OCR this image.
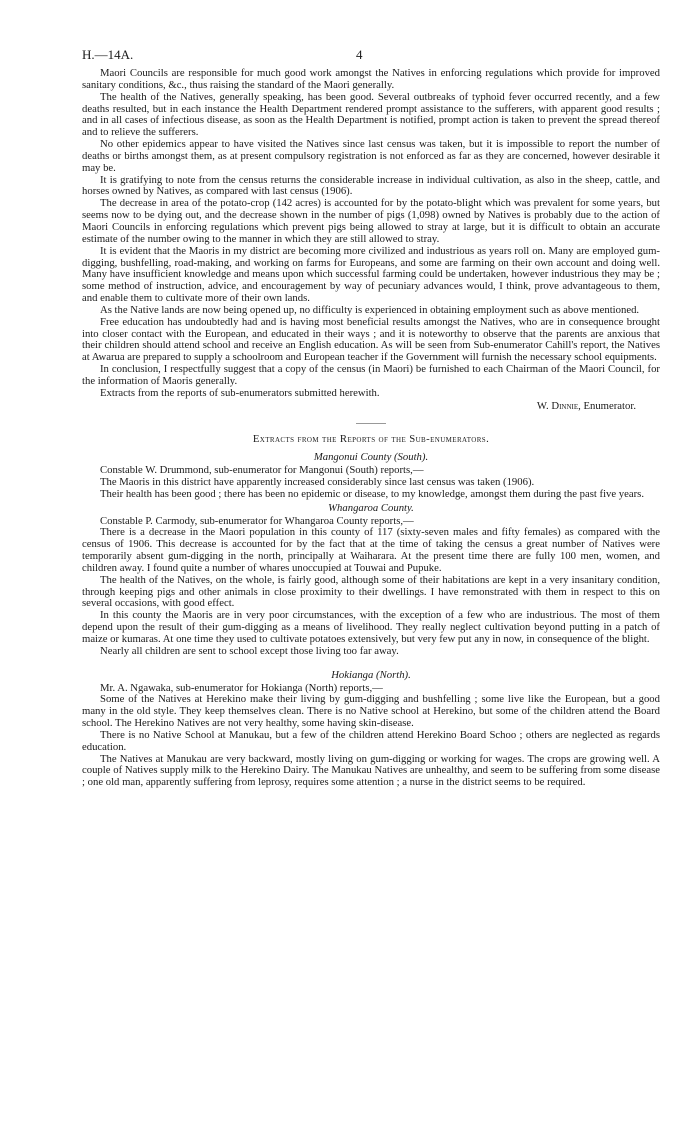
H.—14A.	4

Maori Councils are responsible for much good work amongst the Natives in enforcing regulations which provide for improved sanitary conditions, &c., thus raising the standard of the Maori generally.

The health of the Natives, generally speaking, has been good. Several outbreaks of typhoid fever occurred recently, and a few deaths resulted, but in each instance the Health Department rendered prompt assistance to the sufferers, with apparent good results ; and in all cases of infectious disease, as soon as the Health Department is notified, prompt action is taken to prevent the spread thereof and to relieve the sufferers.

No other epidemics appear to have visited the Natives since last census was taken, but it is impossible to report the number of deaths or births amongst them, as at present compulsory registration is not enforced as far as they are concerned, however desirable it may be.

It is gratifying to note from the census returns the considerable increase in individual cultivation, as also in the sheep, cattle, and horses owned by Natives, as compared with last census (1906).

The decrease in area of the potato-crop (142 acres) is accounted for by the potato-blight which was prevalent for some years, but seems now to be dying out, and the decrease shown in the number of pigs (1,098) owned by Natives is probably due to the action of Maori Councils in enforcing regulations which prevent pigs being allowed to stray at large, but it is difficult to obtain an accurate estimate of the number owing to the manner in which they are still allowed to stray.

It is evident that the Maoris in my district are becoming more civilized and industrious as years roll on. Many are employed gum-digging, bushfelling, road-making, and working on farms for Europeans, and some are farming on their own account and doing well. Many have insufficient knowledge and means upon which successful farming could be undertaken, however industrious they may be ; some method of instruction, advice, and encouragement by way of pecuniary advances would, I think, prove advantageous to them, and enable them to cultivate more of their own lands.

As the Native lands are now being opened up, no difficulty is experienced in obtaining employment such as above mentioned.

Free education has undoubtedly had and is having most beneficial results amongst the Natives, who are in consequence brought into closer contact with the European, and educated in their ways ; and it is noteworthy to observe that the parents are anxious that their children should attend school and receive an English education. As will be seen from Sub-enumerator Cahill's report, the Natives at Awarua are prepared to supply a schoolroom and European teacher if the Government will furnish the necessary school equipments.

In conclusion, I respectfully suggest that a copy of the census (in Maori) be furnished to each Chairman of the Maori Council, for the information of Maoris generally.

Extracts from the reports of sub-enumerators submitted herewith.

W. Dinnie, Enumerator.
Extracts from the Reports of the Sub-enumerators.
Mangonui County (South).

Constable W. Drummond, sub-enumerator for Mangonui (South) reports,—

The Maoris in this district have apparently increased considerably since last census was taken (1906).

Their health has been good ; there has been no epidemic or disease, to my knowledge, amongst them during the past five years.

Whangaroa County.

Constable P. Carmody, sub-enumerator for Whangaroa County reports,—

There is a decrease in the Maori population in this county of 117 (sixty-seven males and fifty females) as compared with the census of 1906. This decrease is accounted for by the fact that at the time of taking the census a great number of Natives were temporarily absent gum-digging in the north, principally at Waiharara. At the present time there are fully 100 men, women, and children away. I found quite a number of whares unoccupied at Touwai and Pupuke.

The health of the Natives, on the whole, is fairly good, although some of their habitations are kept in a very insanitary condition, through keeping pigs and other animals in close proximity to their dwellings. I have remonstrated with them in respect to this on several occasions, with good effect.

In this county the Maoris are in very poor circumstances, with the exception of a few who are industrious. The most of them depend upon the result of their gum-digging as a means of livelihood. They really neglect cultivation beyond putting in a patch of maize or kumaras. At one time they used to cultivate potatoes extensively, but very few put any in now, in consequence of the blight.

Nearly all children are sent to school except those living too far away.

Hokianga (North).

Mr. A. Ngawaka, sub-enumerator for Hokianga (North) reports,—

Some of the Natives at Herekino make their living by gum-digging and bushfelling ; some live like the European, but a good many in the old style. They keep themselves clean. There is no Native school at Herekino, but some of the children attend the Board school. The Herekino Natives are not very healthy, some having skin-disease.

There is no Native School at Manukau, but a few of the children attend Herekino Board Schoo ; others are neglected as regards education.

The Natives at Manukau are very backward, mostly living on gum-digging or working for wages. The crops are growing well. A couple of Natives supply milk to the Herekino Dairy. The Manukau Natives are unhealthy, and seem to be suffering from some disease ; one old man, apparently suffering from leprosy, requires some attention ; a nurse in the district seems to be required.
